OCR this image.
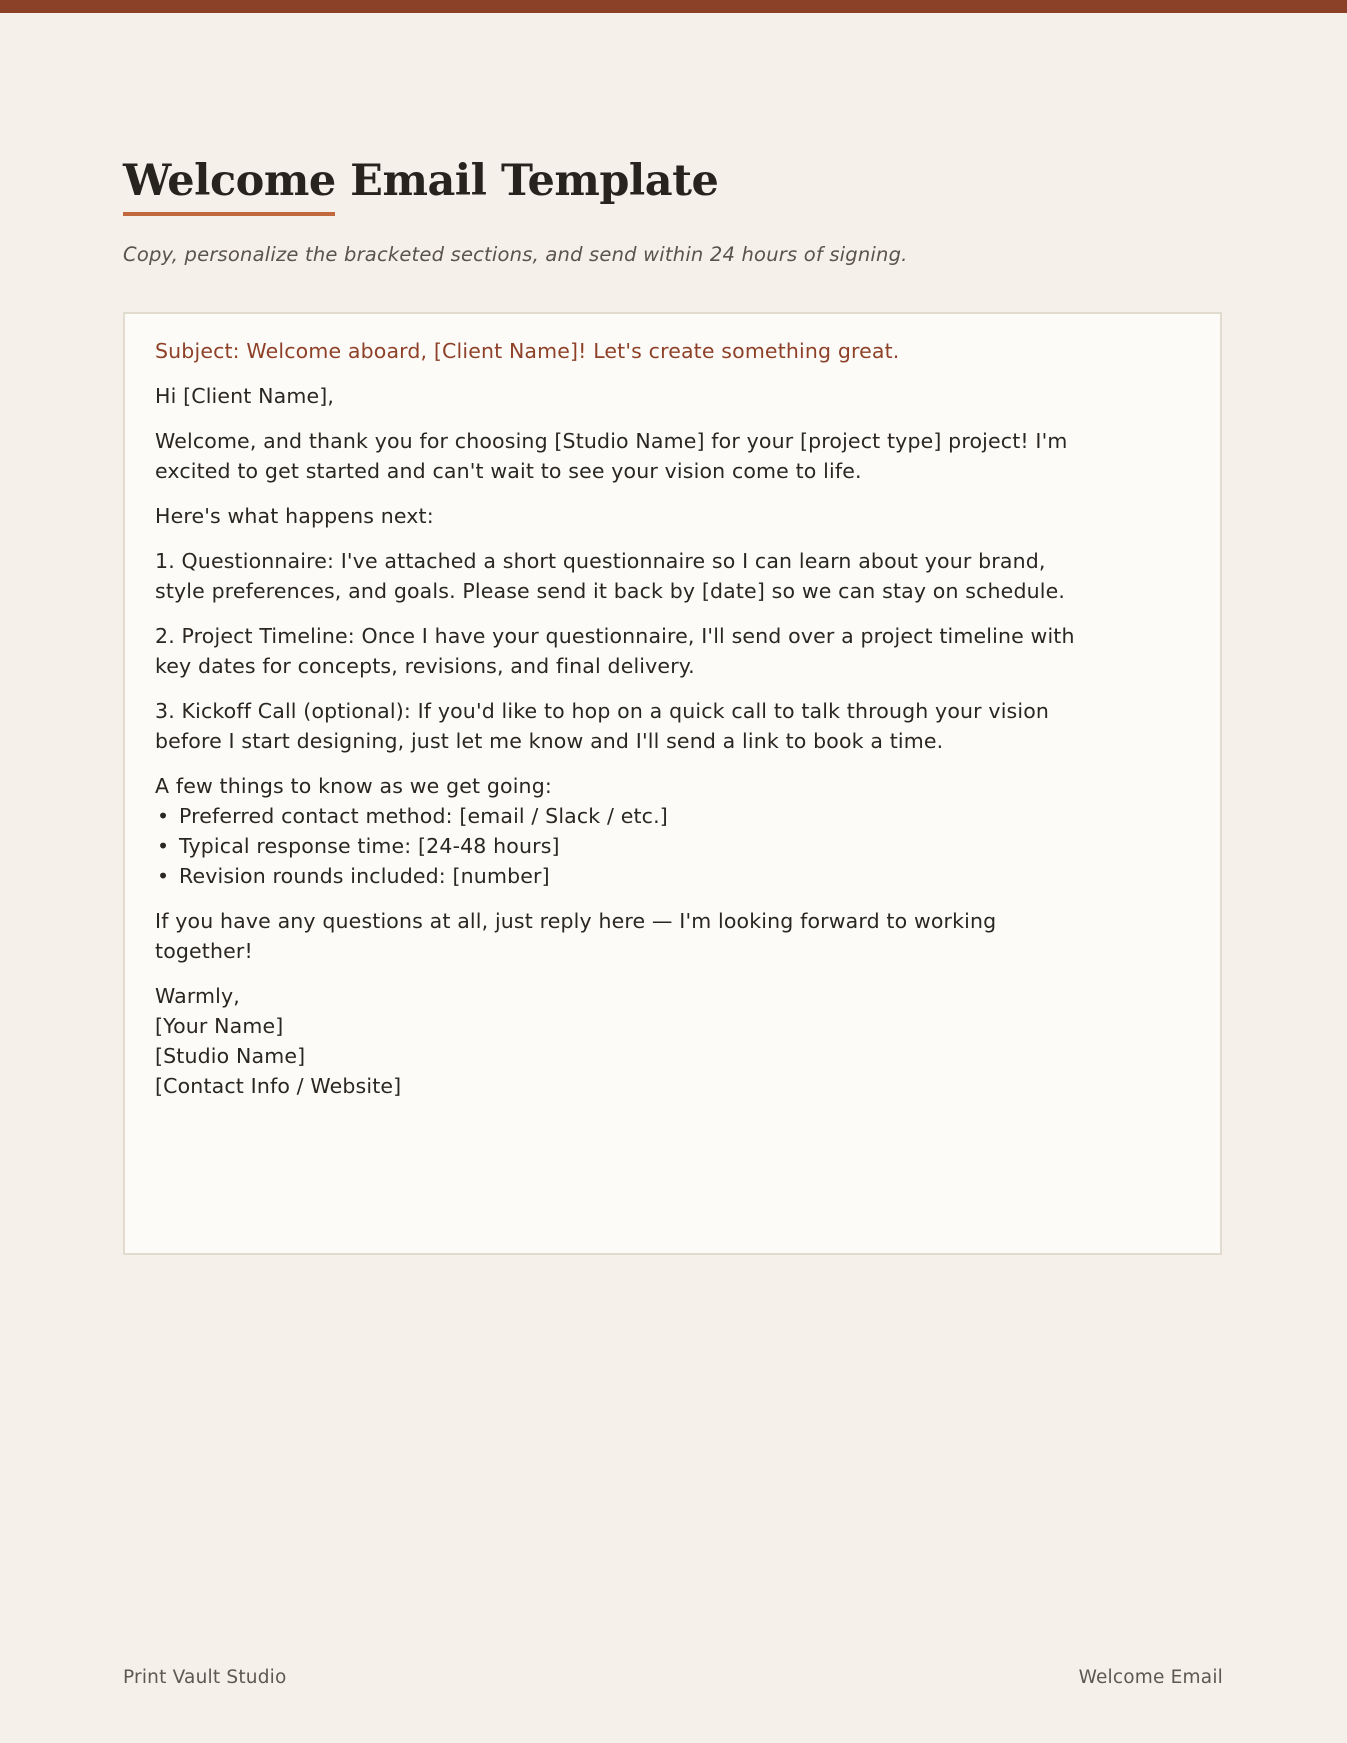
Welcome Email Template
Copy, personalize the bracketed sections, and send within 24 hours of signing.

Subject: Welcome aboard, [Client Name]! Let's create something great.

Hi [Client Name],

Welcome, and thank you for choosing [Studio Name] for your [project type] project! I'm excited to get started and can't wait to see your vision come to life.

Here's what happens next:

1. Questionnaire: I've attached a short questionnaire so I can learn about your brand, style preferences, and goals. Please send it back by [date] so we can stay on schedule.

2. Project Timeline: Once I have your questionnaire, I'll send over a project timeline with key dates for concepts, revisions, and final delivery.

3. Kickoff Call (optional): If you'd like to hop on a quick call to talk through your vision before I start designing, just let me know and I'll send a link to book a time.

A few things to know as we get going:
• Preferred contact method: [email / Slack / etc.]
• Typical response time: [24-48 hours]
• Revision rounds included: [number]

If you have any questions at all, just reply here — I'm looking forward to working together!

Warmly,
[Your Name]
[Studio Name]
[Contact Info / Website]
Print Vault Studio	Welcome Email
